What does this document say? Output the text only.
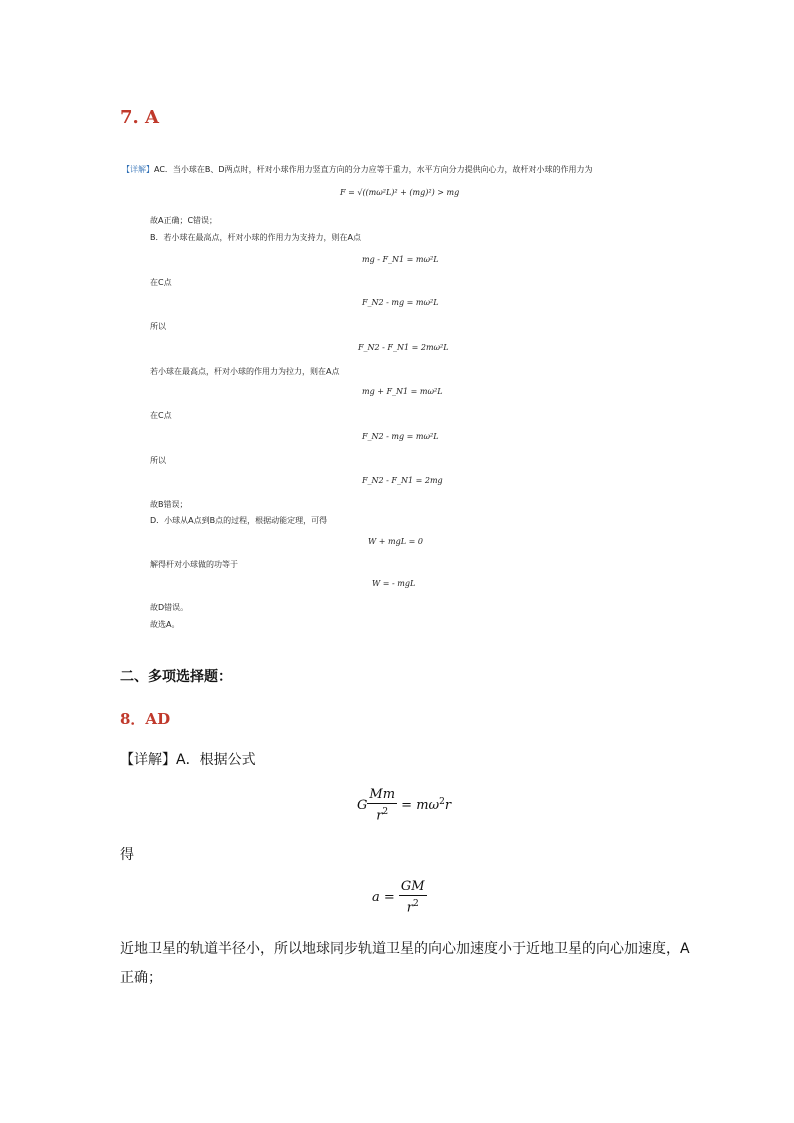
7. A
【详解】AC．当小球在B、D两点时，杆对小球作用力竖直方向的分力应等于重力，水平方向分力提供向心力，故杆对小球的作用力为
F = √((mω²L)² + (mg)²) > mg
故A正确；C错误；
B．若小球在最高点，杆对小球的作用力为支持力，则在A点
mg - F_N1 = mω²L
在C点
F_N2 - mg = mω²L
所以
F_N2 - F_N1 = 2mω²L
若小球在最高点，杆对小球的作用力为拉力，则在A点
mg + F_N1 = mω²L
在C点
F_N2 - mg = mω²L
所以
F_N2 - F_N1 = 2mg
故B错误；
D．小球从A点到B点的过程，根据动能定理，可得
W + mgL = 0
解得杆对小球做的功等于
W = - mgL
故D错误。
故选A。
二、多项选择题：
8．AD
【详解】A．根据公式
G $\frac{Mm}{r^2} = m\omega^2r$
得
$a = \frac{GM}{r^2}$
近地卫星的轨道半径小，所以地球同步轨道卫星的向心加速度小于近地卫星的向心加速度，A
正确；
